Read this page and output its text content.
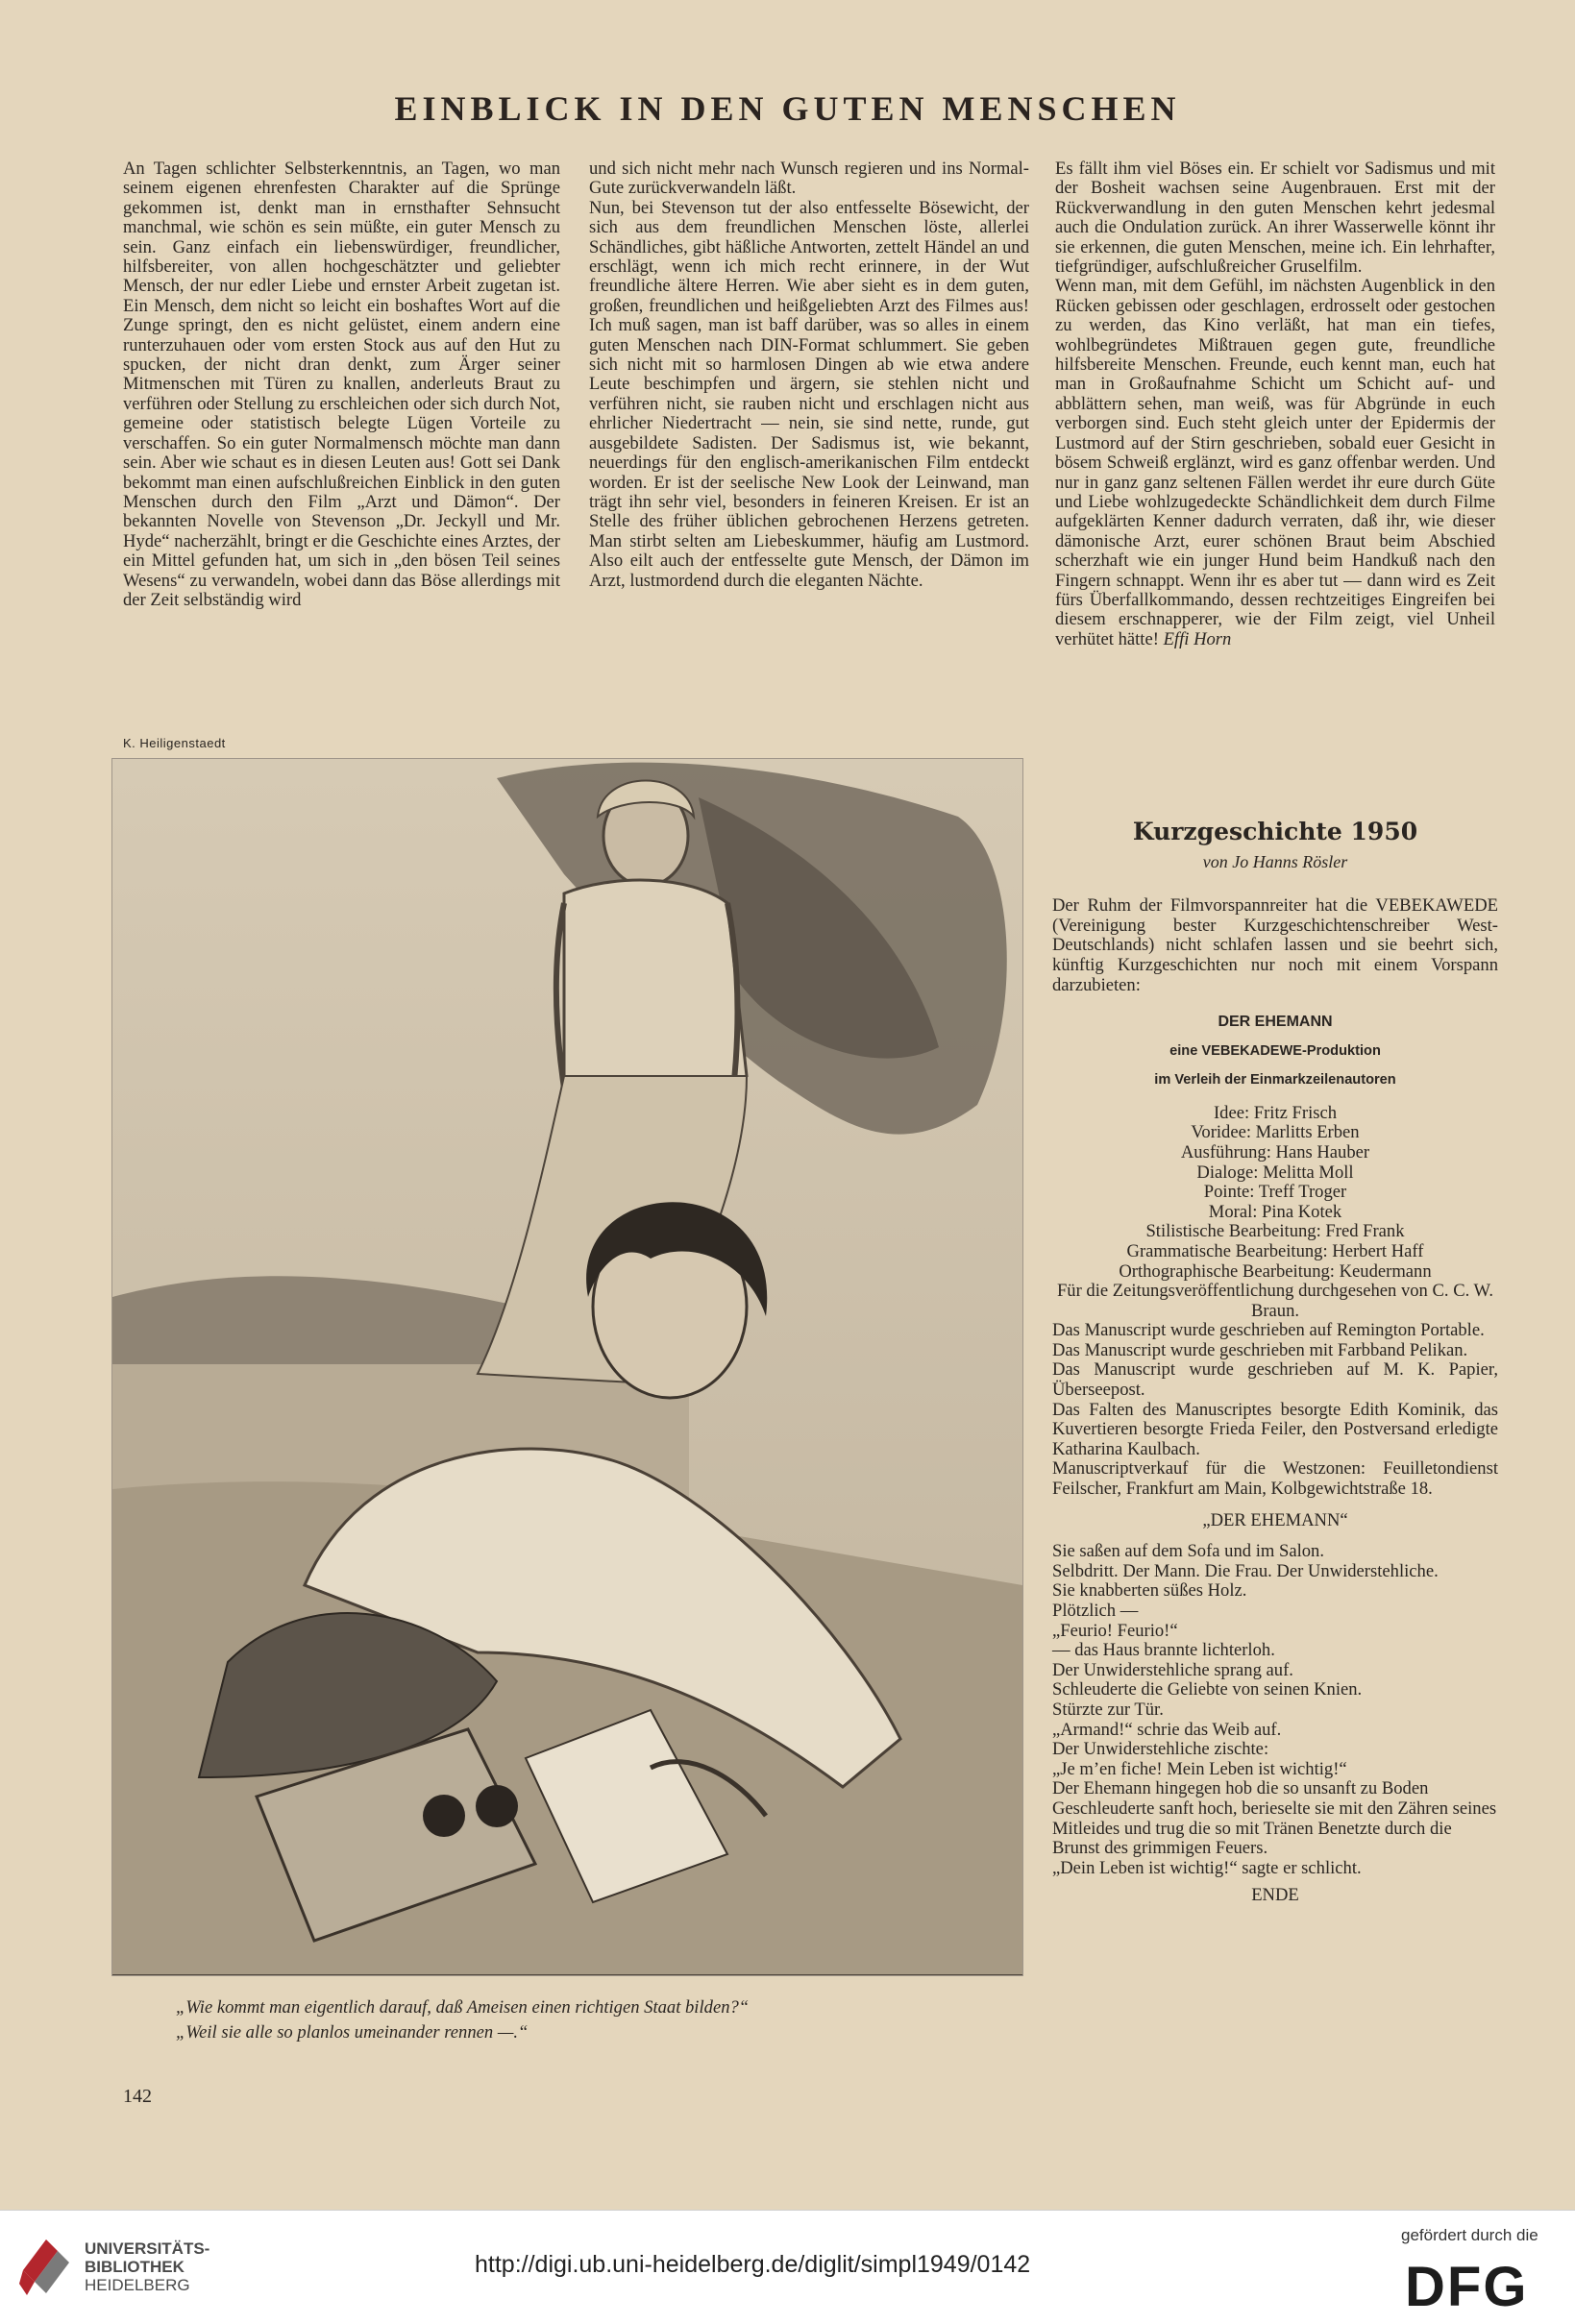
EINBLICK IN DEN GUTEN MENSCHEN

An Tagen schlichter Selbsterkenntnis, an Tagen, wo man seinem eigenen ehrenfesten Charakter auf die Sprünge gekommen ist, denkt man in ernsthafter Sehnsucht manchmal, wie schön es sein müßte, ein guter Mensch zu sein. Ganz einfach ein liebenswürdiger, freundlicher, hilfsbereiter, von allen hochgeschätzter und geliebter Mensch, der nur edler Liebe und ernster Arbeit zugetan ist. Ein Mensch, dem nicht so leicht ein boshaftes Wort auf die Zunge springt, den es nicht gelüstet, einem andern eine runterzuhauen oder vom ersten Stock aus auf den Hut zu spucken, der nicht dran denkt, zum Ärger seiner Mitmenschen mit Türen zu knallen, anderleuts Braut zu verführen oder Stellung zu erschleichen oder sich durch Not, gemeine oder statistisch belegte Lügen Vorteile zu verschaffen. So ein guter Normalmensch möchte man dann sein. Aber wie schaut es in diesen Leuten aus! Gott sei Dank bekommt man einen aufschlußreichen Einblick in den guten Menschen durch den Film „Arzt und Dämon“. Der bekannten Novelle von Stevenson „Dr. Jeckyll und Mr. Hyde“ nacherzählt, bringt er die Geschichte eines Arztes, der ein Mittel gefunden hat, um sich in „den bösen Teil seines Wesens“ zu verwandeln, wobei dann das Böse allerdings mit der Zeit selbständig wird

und sich nicht mehr nach Wunsch regieren und ins Normal-Gute zurückverwandeln läßt.

Nun, bei Stevenson tut der also entfesselte Bösewicht, der sich aus dem freundlichen Menschen löste, allerlei Schändliches, gibt häßliche Antworten, zettelt Händel an und erschlägt, wenn ich mich recht erinnere, in der Wut freundliche ältere Herren. Wie aber sieht es in dem guten, großen, freundlichen und heißgeliebten Arzt des Filmes aus! Ich muß sagen, man ist baff darüber, was so alles in einem guten Menschen nach DIN-Format schlummert. Sie geben sich nicht mit so harmlosen Dingen ab wie etwa andere Leute beschimpfen und ärgern, sie stehlen nicht und verführen nicht, sie rauben nicht und erschlagen nicht aus ehrlicher Niedertracht — nein, sie sind nette, runde, gut ausgebildete Sadisten. Der Sadismus ist, wie bekannt, neuerdings für den englisch-amerikanischen Film entdeckt worden. Er ist der seelische New Look der Leinwand, man trägt ihn sehr viel, besonders in feineren Kreisen. Er ist an Stelle des früher üblichen gebrochenen Herzens getreten. Man stirbt selten am Liebeskummer, häufig am Lustmord. Also eilt auch der entfesselte gute Mensch, der Dämon im Arzt, lustmordend durch die eleganten Nächte.

Es fällt ihm viel Böses ein. Er schielt vor Sadismus und mit der Bosheit wachsen seine Augenbrauen. Erst mit der Rückverwandlung in den guten Menschen kehrt jedesmal auch die Ondulation zurück. An ihrer Wasserwelle könnt ihr sie erkennen, die guten Menschen, meine ich. Ein lehrhafter, tiefgründiger, aufschlußreicher Gruselfilm.

Wenn man, mit dem Gefühl, im nächsten Augenblick in den Rücken gebissen oder geschlagen, erdrosselt oder gestochen zu werden, das Kino verläßt, hat man ein tiefes, wohlbegründetes Mißtrauen gegen gute, freundliche hilfsbereite Menschen. Freunde, euch kennt man, euch hat man in Großaufnahme Schicht um Schicht auf- und abblättern sehen, man weiß, was für Abgründe in euch verborgen sind. Euch steht gleich unter der Epidermis der Lustmord auf der Stirn geschrieben, sobald euer Gesicht in bösem Schweiß erglänzt, wird es ganz offenbar werden. Und nur in ganz ganz seltenen Fällen werdet ihr eure durch Güte und Liebe wohlzugedeckte Schändlichkeit dem durch Filme aufgeklärten Kenner dadurch verraten, daß ihr, wie dieser dämonische Arzt, eurer schönen Braut beim Abschied scherzhaft wie ein junger Hund beim Handkuß nach den Fingern schnappt. Wenn ihr es aber tut — dann wird es Zeit fürs Überfallkommando, dessen rechtzeitiges Eingreifen bei diesem erschnapperer, wie der Film zeigt, viel Unheil verhütet hätte! Effi Horn

K. Heiligenstaedt
„Wie kommt man eigentlich darauf, daß Ameisen einen richtigen Staat bilden?“
„Weil sie alle so planlos umeinander rennen —.“
Kurzgeschichte 1950
von Jo Hanns Rösler
Der Ruhm der Filmvorspannreiter hat die VEBEKAWEDE (Vereinigung bester Kurzgeschichtenschreiber West-Deutschlands) nicht schlafen lassen und sie beehrt sich, künftig Kurzgeschichten nur noch mit einem Vorspann darzubieten:
DER EHEMANN
eine VEBEKADEWE-Produktion
im Verleih der Einmarkzeilenautoren
Idee: Fritz Frisch
Voridee: Marlitts Erben
Ausführung: Hans Hauber
Dialoge: Melitta Moll
Pointe: Treff Troger
Moral: Pina Kotek
Stilistische Bearbeitung: Fred Frank
Grammatische Bearbeitung: Herbert Haff
Orthographische Bearbeitung: Keudermann
Für die Zeitungsveröffentlichung durchgesehen von C. C. W. Braun.
Das Manuscript wurde geschrieben auf Remington Portable.
Das Manuscript wurde geschrieben mit Farbband Pelikan.
Das Manuscript wurde geschrieben auf M. K. Papier, Überseepost.
Das Falten des Manuscriptes besorgte Edith Kominik, das Kuvertieren besorgte Frieda Feiler, den Postversand erledigte Katharina Kaulbach.
Manuscriptverkauf für die Westzonen: Feuilletondienst Feilscher, Frankfurt am Main, Kolbgewichtstraße 18.
„DER EHEMANN“
Sie saßen auf dem Sofa und im Salon.
Selbdritt. Der Mann. Die Frau. Der Unwiderstehliche.
Sie knabberten süßes Holz.
Plötzlich —
„Feurio! Feurio!“
— das Haus brannte lichterloh.
Der Unwiderstehliche sprang auf.
Schleuderte die Geliebte von seinen Knien.
Stürzte zur Tür.
„Armand!“ schrie das Weib auf.
Der Unwiderstehliche zischte:
„Je m’en fiche! Mein Leben ist wichtig!“
Der Ehemann hingegen hob die so unsanft zu Boden Geschleuderte sanft hoch, berieselte sie mit den Zähren seines Mitleides und trug die so mit Tränen Benetzte durch die Brunst des grimmigen Feuers.
„Dein Leben ist wichtig!“ sagte er schlicht.
ENDE
142
UNIVERSITÄTS-
BIBLIOTHEK
HEIDELBERG
http://digi.ub.uni-heidelberg.de/diglit/simpl1949/0142
gefördert durch die
DFG
